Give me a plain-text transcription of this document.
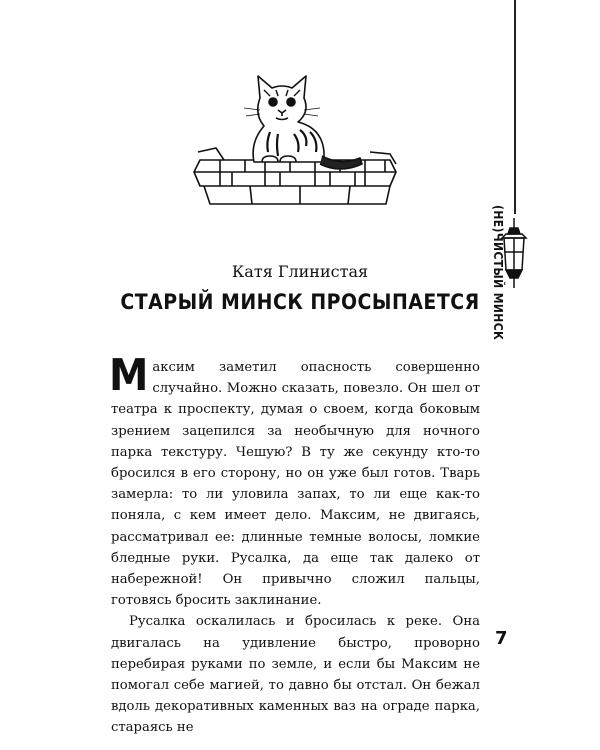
(НЕ)ЧИСТЫЙ МИНСК
Катя Глинистая
СТАРЫЙ МИНСК ПРОСЫПАЕТСЯ

Максим заметил опасность совершенно случайно. Можно сказать, повезло. Он шел от театра к проспекту, думая о своем, когда боковым зрением зацепился за необычную для ночного парка текстуру. Чешую? В ту же секунду кто-то бросился в его сторону, но он уже был готов. Тварь замерла: то ли уловила запах, то ли еще как-то поняла, с кем имеет дело. Максим, не двигаясь, рассматривал ее: длинные темные волосы, ломкие бледные руки. Русалка, да еще так далеко от набережной! Он привычно сложил пальцы, готовясь бросить заклинание.

Русалка оскалилась и бросилась к реке. Она двигалась на удивление быстро, проворно перебирая руками по земле, и если бы Максим не помогал себе магией, то давно бы отстал. Он бежал вдоль декоративных каменных ваз на ограде парка, стараясь не

7
